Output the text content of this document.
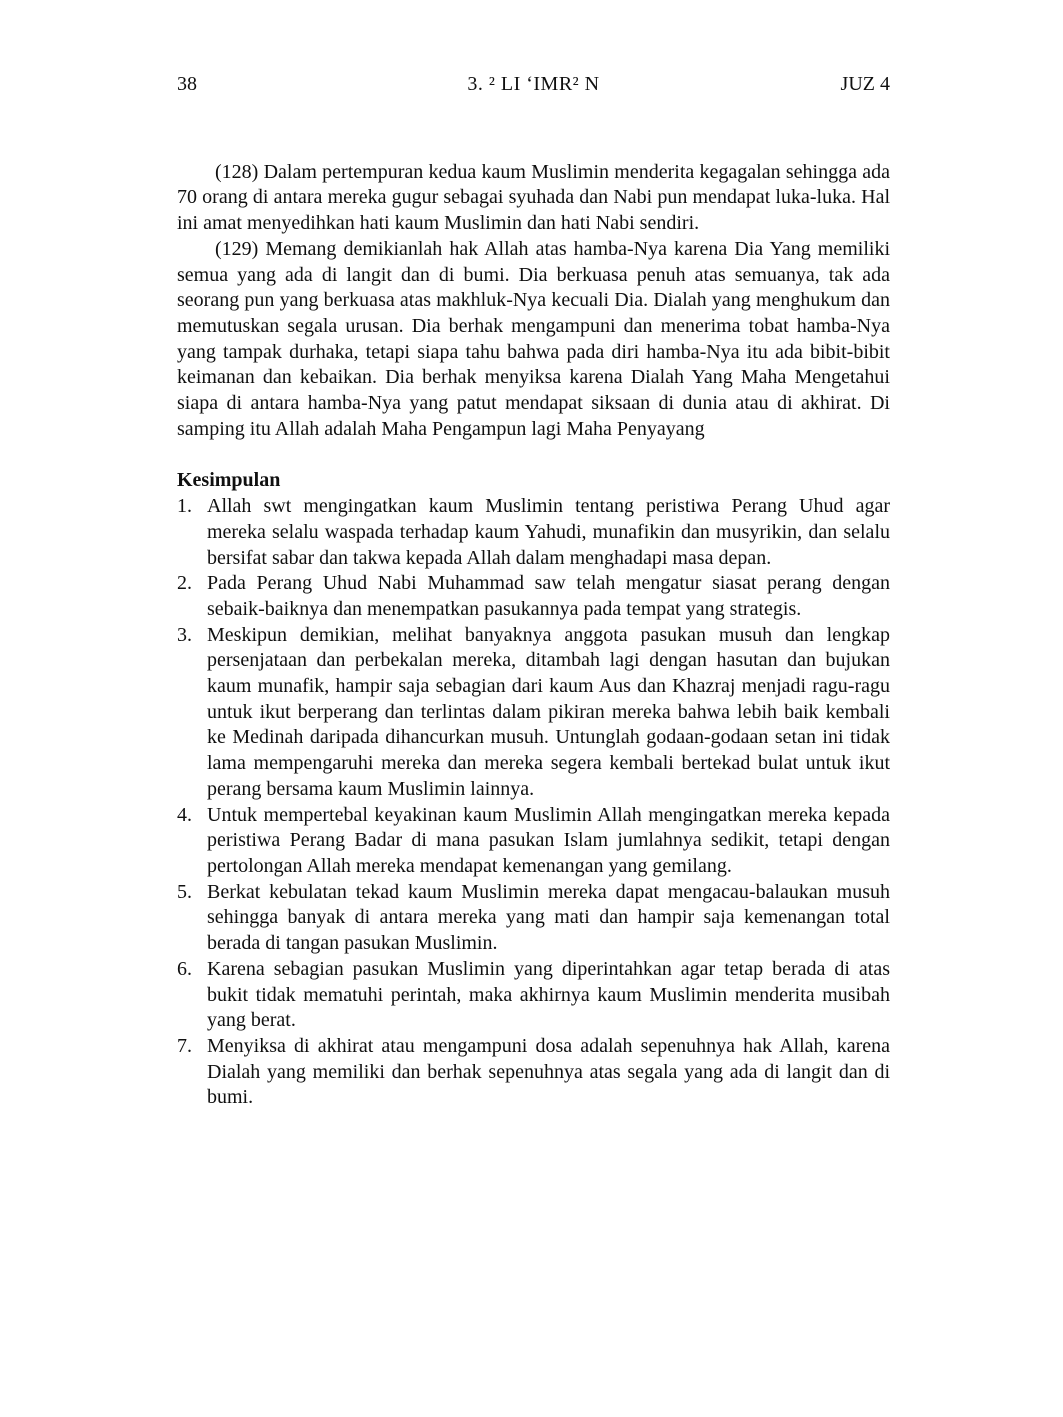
38	3. ² LI ‘IMR² N	JUZ 4

(128) Dalam pertempuran kedua kaum Muslimin menderita kegagalan sehingga ada 70 orang di antara mereka gugur sebagai syuhada dan Nabi pun mendapat luka-luka. Hal ini amat menyedihkan hati kaum Muslimin dan hati Nabi sendiri.

(129) Memang demikianlah hak Allah atas hamba-Nya karena Dia Yang memiliki semua yang ada di langit dan di bumi. Dia berkuasa penuh atas semuanya, tak ada seorang pun yang berkuasa atas makhluk-Nya kecuali Dia. Dialah yang menghukum dan memutuskan segala urusan. Dia berhak mengampuni dan menerima tobat hamba-Nya yang tampak durhaka, tetapi siapa tahu bahwa pada diri hamba-Nya itu ada bibit-bibit keimanan dan kebaikan. Dia berhak menyiksa karena Dialah Yang Maha Mengetahui siapa di antara hamba-Nya yang patut mendapat siksaan di dunia atau di akhirat. Di samping itu Allah adalah Maha Pengampun lagi Maha Penyayang

Kesimpulan
1. Allah swt mengingatkan kaum Muslimin tentang peristiwa Perang Uhud agar mereka selalu waspada terhadap kaum Yahudi, munafikin dan musyrikin, dan selalu bersifat sabar dan takwa kepada Allah dalam menghadapi masa depan.
2. Pada Perang Uhud Nabi Muhammad saw telah mengatur siasat perang dengan sebaik-baiknya dan menempatkan pasukannya pada tempat yang strategis.
3. Meskipun demikian, melihat banyaknya anggota pasukan musuh dan lengkap persenjataan dan perbekalan mereka, ditambah lagi dengan hasutan dan bujukan kaum munafik, hampir saja sebagian dari kaum Aus dan Khazraj menjadi ragu-ragu untuk ikut berperang dan terlintas dalam pikiran mereka bahwa lebih baik kembali ke Medinah daripada dihancurkan musuh. Untunglah godaan-godaan setan ini tidak lama mempengaruhi mereka dan mereka segera kembali bertekad bulat untuk ikut perang bersama kaum Muslimin lainnya.
4. Untuk mempertebal keyakinan kaum Muslimin Allah mengingatkan mereka kepada peristiwa Perang Badar di mana pasukan Islam jumlahnya sedikit, tetapi dengan pertolongan Allah mereka mendapat kemenangan yang gemilang.
5. Berkat kebulatan tekad kaum Muslimin mereka dapat mengacau-balaukan musuh sehingga banyak di antara mereka yang mati dan hampir saja kemenangan total berada di tangan pasukan Muslimin.
6. Karena sebagian pasukan Muslimin yang diperintahkan agar tetap berada di atas bukit tidak mematuhi perintah, maka akhirnya kaum Muslimin menderita musibah yang berat.
7. Menyiksa di akhirat atau mengampuni dosa adalah sepenuhnya hak Allah, karena Dialah yang memiliki dan berhak sepenuhnya atas segala yang ada di langit dan di bumi.
